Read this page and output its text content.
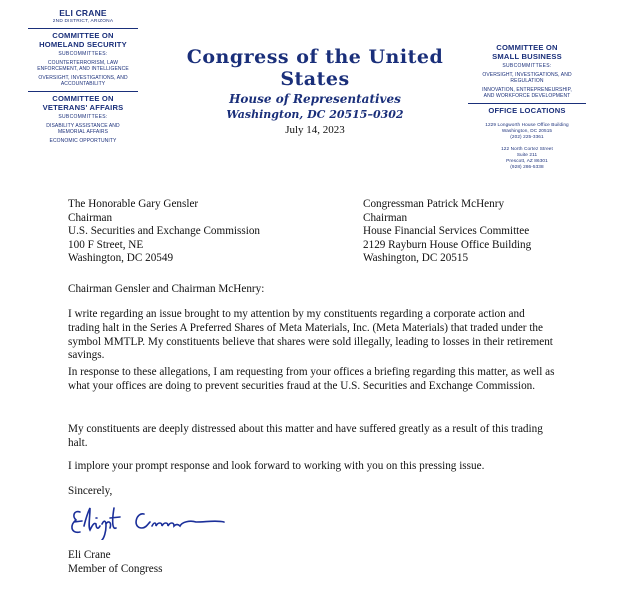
ELI CRANE
2ND DISTRICT, ARIZONA
COMMITTEE ON
HOMELAND SECURITY
SUBCOMMITTEES:
COUNTERTERRORISM, LAW
ENFORCEMENT, AND INTELLIGENCE
OVERSIGHT, INVESTIGATIONS, AND
ACCOUNTABILITY
COMMITTEE ON
VETERANS' AFFAIRS
SUBCOMMITTEES:
DISABILITY ASSISTANCE AND
MEMORIAL AFFAIRS
ECONOMIC OPPORTUNITY
Congress of the United States
House of Representatives
Washington, DC 20515–0302
July 14, 2023
COMMITTEE ON
SMALL BUSINESS
SUBCOMMITTEES:
OVERSIGHT, INVESTIGATIONS, AND
REGULATION
INNOVATION, ENTREPRENEURSHIP,
AND WORKFORCE DEVELOPMENT
OFFICE LOCATIONS
1229 Longworth House Office Building
Washington, DC 20515
(202) 225-3361
122 North Cortez Street
Suite 211
Prescott, AZ 86301
(928) 286-5338
The Honorable Gary Gensler
Chairman
U.S. Securities and Exchange Commission
100 F Street, NE
Washington, DC 20549
Congressman Patrick McHenry
Chairman
House Financial Services Committee
2129 Rayburn House Office Building
Washington, DC 20515
Chairman Gensler and Chairman McHenry:
I write regarding an issue brought to my attention by my constituents regarding a corporate action and trading halt in the Series A Preferred Shares of Meta Materials, Inc. (Meta Materials) that traded under the symbol MMTLP. My constituents believe that shares were sold illegally, leading to losses in their retirement savings.
In response to these allegations, I am requesting from your offices a briefing regarding this matter, as well as what your offices are doing to prevent securities fraud at the U.S. Securities and Exchange Commission.
My constituents are deeply distressed about this matter and have suffered greatly as a result of this trading halt.
I implore your prompt response and look forward to working with you on this pressing issue.
Sincerely,
Eli Crane
Member of Congress
